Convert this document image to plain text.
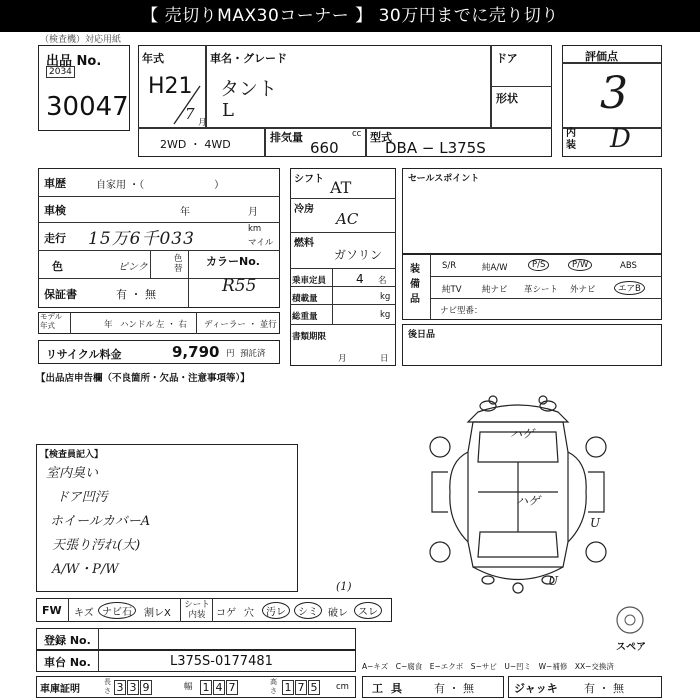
【 売切りMAX30コーナー 】 30万円までに売り切り
（検査機）対応用紙
出品 No.
2034
30047
年式
H21
7 月
車名・グレード
タント
L
ドア
形状
2WD ・ 4WD
排気量	cc
660
型式
DBA − L375S
評価点
3
内装 D
車歴	自家用 ・（　　　　　　　）
車検	年	月
走行 15万6千033	km
マイル
色	ピンク
色替
カラーNo.
R55
保証書	有 ・ 無
モデル年式	年 ハンドル 左 ・ 右 ディーラー ・ 並行
リサイクル料金	9,790 円 預託済
シフト AT
冷房
AC
燃料
ガソリン
乗車定員 4 名
積載量	kg
総重量	kg
書類期限
月	日
セールスポイント
装備品
S/R	純A/W	P/S	P/W	ABS
純TV 純ナビ 革シート 外ナビ	エアB
ナビ型番：
後日品
【出品店申告欄（不良箇所・欠品・注意事項等）】
【検査員記入】
室内臭い
ドア凹汚
ホイールカバーA
天張り汚れ(大)
A/W・P/W
ハゲ
ハゲ
U
U
FW キズ ナビ石	割レX
シート内装	コゲ 穴	汚レ	シミ	破レ	スレ
(1)
スペア
登録 No.
車台 No.	L375S-0177481	A−キズ　C−腐食　E−エクボ　S−サビ　U−凹ミ　W−補修　XX−交換済
車庫証明
長さ 3 3 9	幅 1 4 7	高さ 1 7 5	cm 工具 有 ・ 無	ジャッキ 有 ・ 無
